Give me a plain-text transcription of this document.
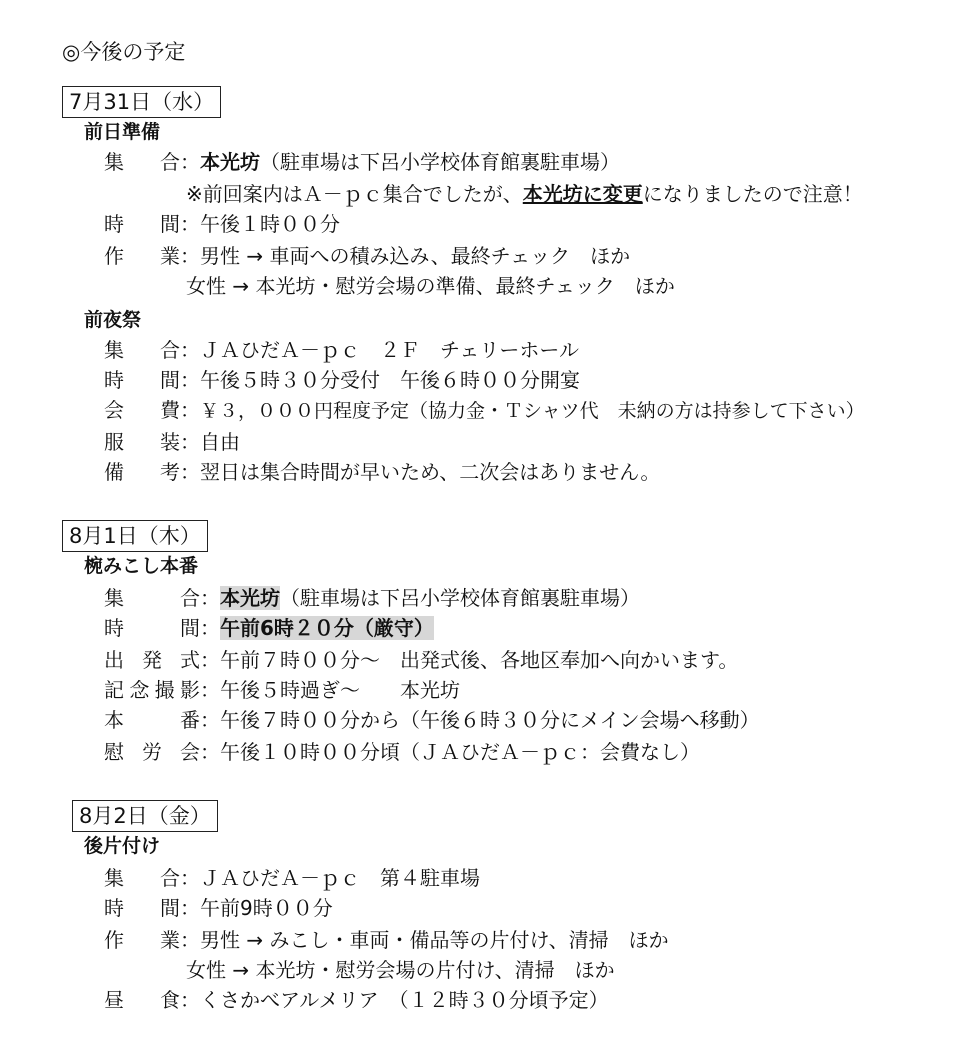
◎今後の予定
7月31日（水）
前日準備
集　合：本光坊（駐車場は下呂小学校体育館裏駐車場）
※前回案内はＡ－ｐｃ集合でしたが、本光坊に変更になりましたので注意！
時　間：午後１時００分
作　業：男性 → 車両への積み込み、最終チェック　ほか
女性 → 本光坊・慰労会場の準備、最終チェック　ほか
前夜祭
集　合：ＪＡひだＡ－ｐｃ　２Ｆ　チェリーホール
時　間：午後５時３０分受付　午後６時００分開宴
会　費：￥３，０００円程度予定（協力金・Ｔシャツ代　未納の方は持参して下さい）
服　装：自由
備　考：翌日は集合時間が早いため、二次会はありません。
8月1日（木）
椀みこし本番
集　　合：本光坊（駐車場は下呂小学校体育館裏駐車場）
時　　間：午前6時２０分（厳守）
出 発 式：午前７時００分～　出発式後、各地区奉加へ向かいます。
記念撮影：午後５時過ぎ～　　本光坊
本　　番：午後７時００分から（午後６時３０分にメイン会場へ移動）
慰 労 会：午後１０時００分頃（ＪＡひだＡ－ｐｃ：会費なし）
8月2日（金）
後片付け
集　合：ＪＡひだＡ－ｐｃ　第４駐車場
時　間：午前9時００分
作　業：男性 → みこし・車両・備品等の片付け、清掃　ほか
女性 → 本光坊・慰労会場の片付け、清掃　ほか
昼　食：くさかべアルメリア　（１２時３０分頃予定）
